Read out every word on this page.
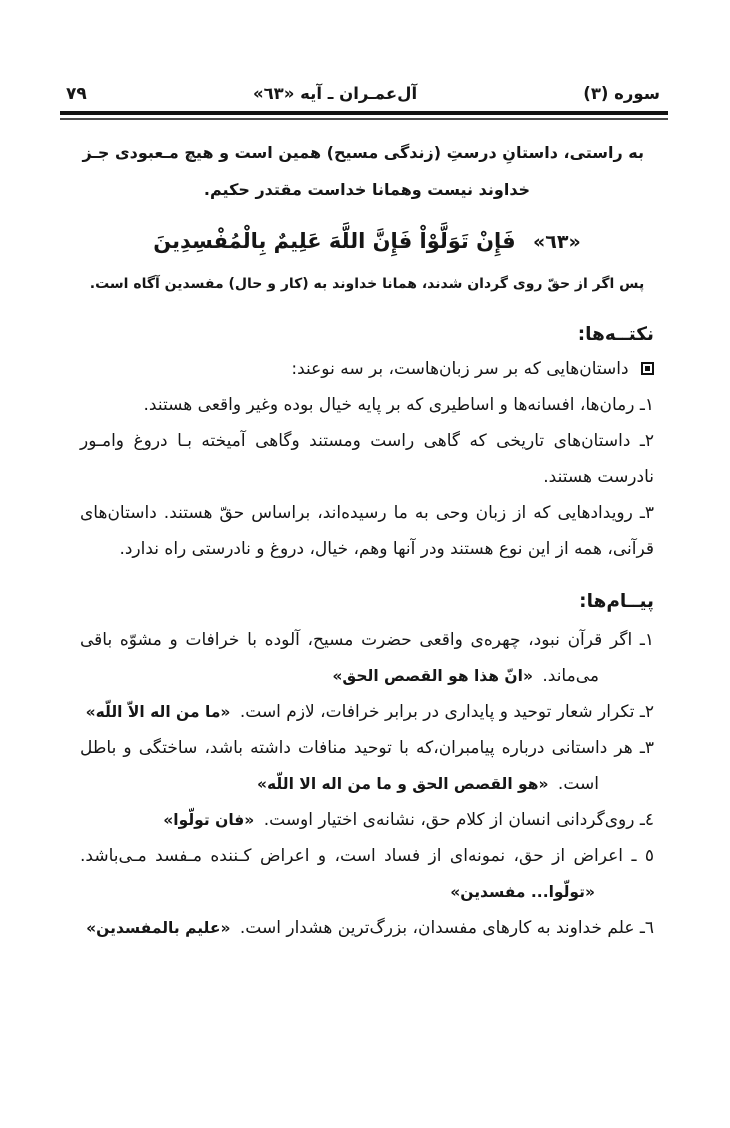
سوره (٣)
آل‌عمـران ـ آیه «٦٣»
٧٩
به راستی، داستانِ درستِ (زندگی مسیح) همین است و هیچ مـعبودی جـز
خداوند نیست وهمانا خداست مقتدر حکیم.
«٦٣» فَإِنْ تَوَلَّوْاْ فَإِنَّ اللَّهَ عَلِيمٌ بِالْمُفْسِدِينَ
پس اگر از حقّ روی گردان شدند، همانا خداوند به (کار و حال) مفسدین آگاه است.
نکتــه‌ها:

داستان‌هایی که بر سر زبان‌هاست، بر سه نوعند:

١ـ رمان‌ها، افسانه‌ها و اساطیری که بر پایه خیال بوده وغیر واقعی هستند.

٢ـ داستان‌های تاریخی که گاهی راست ومستند وگاهی آمیخته بـا دروغ وامـور نادرست هستند.

٣ـ رویدادهایی که از زبان وحی به ما رسیده‌اند، براساس حقّ هستند. داستان‌های قرآنی، همه از این نوع هستند ودر آنها وهم، خیال، دروغ و نادرستی راه ندارد.

پیــام‌ها:

١ـ اگر قرآن نبود، چهره‌ی واقعی حضرت مسیح، آلوده با خرافات و مشوّه باقی می‌ماند. «انّ هذا هو القصص الحق»

٢ـ تکرار شعار توحید و پایداری در برابر خرافات، لازم است. «ما من اله الاّ اللّه»

٣ـ هر داستانی درباره پیامبران،که با توحید منافات داشته باشد، ساختگی و باطل است. «هو القصص الحق و ما من اله الا اللّه»

٤ـ روی‌گردانی انسان از کلام حق، نشانه‌ی اختیار اوست. «فان تولّوا»

٥ ـ اعراض از حق، نمونه‌ای از فساد است، و اعراض کـننده مـفسد مـی‌باشد. «تولّوا... مفسدین»

٦ـ علم خداوند به کارهای مفسدان، بزرگ‌ترین هشدار است. «علیم بالمفسدین»
